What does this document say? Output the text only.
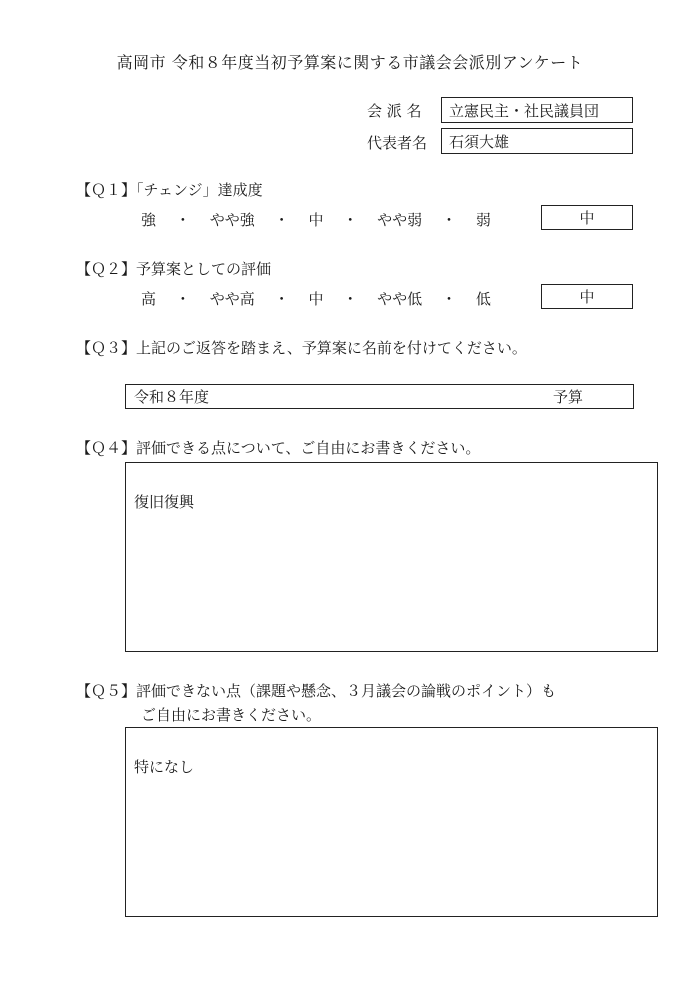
高岡市 令和８年度当初予算案に関する市議会会派別アンケート
会 派 名 立憲民主・社民議員団
代表者名 石須大雄
【Ｑ１】「チェンジ」達成度
強 ・ やや強 ・ 中 ・ やや弱 ・ 弱	中
【Ｑ２】予算案としての評価
高 ・ やや高 ・ 中 ・ やや低 ・ 低	中
【Ｑ３】上記のご返答を踏まえ、予算案に名前を付けてください。
令和８年度	予算
【Ｑ４】評価できる点について、ご自由にお書きください。
復旧復興
【Ｑ５】評価できない点（課題や懸念、３月議会の論戦のポイント）も
ご自由にお書きください。
特になし
